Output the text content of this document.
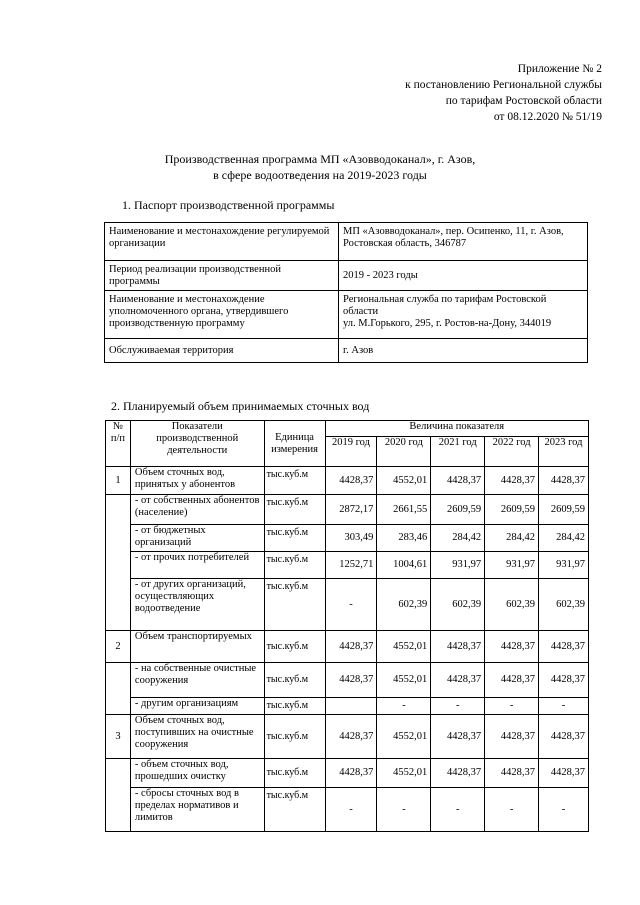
Приложение № 2
к постановлению Региональной службы
по тарифам Ростовской области
от 08.12.2020 № 51/19
Производственная программа МП «Азовводоканал», г. Азов,
в сфере водоотведения на 2019-2023 годы
1. Паспорт производственной программы
Наименование и местонахождение регулируемой организации	МП «Азовводоканал», пер. Осипенко, 11, г. Азов, Ростовская область, 346787
Период реализации производственной программы	2019 - 2023 годы
Наименование и местонахождение уполномоченного органа, утвердившего производственную программу	Региональная служба по тарифам Ростовской области
ул. М.Горького, 295, г. Ростов-на-Дону, 344019

Обслуживаемая территория	г. Азов
2. Планируемый объем принимаемых сточных вод
№ п/п	Показатели производственной деятельности	Единица измерения	Величина показателя				
			2019 год	2020 год	2021 год	2022 год	2023 год
1	Объем сточных вод, принятых у абонентов	тыс.куб.м	4428,37	4552,01	4428,37	4428,37	4428,37
	- от собственных абонентов (население)	тыс.куб.м	2872,17	2661,55	2609,59	2609,59	2609,59
	- от бюджетных организаций	тыс.куб.м	303,49	283,46	284,42	284,42	284,42
	- от прочих потребителей	тыс.куб.м	1252,71	1004,61	931,97	931,97	931,97
	- от других организаций, осуществляющих водоотведение	тыс.куб.м	-	602,39	602,39	602,39	602,39
2	Объем транспортируемых	тыс.куб.м	4428,37	4552,01	4428,37	4428,37	4428,37
	- на собственные очистные сооружения	тыс.куб.м	4428,37	4552,01	4428,37	4428,37	4428,37
	- другим организациям	тыс.куб.м		-	-	-	-
3	Объем сточных вод, поступивших на очистные сооружения	тыс.куб.м	4428,37	4552,01	4428,37	4428,37	4428,37
	- объем сточных вод, прошедших очистку	тыс.куб.м	4428,37	4552,01	4428,37	4428,37	4428,37
	- сбросы сточных вод в пределах нормативов и лимитов	тыс.куб.м	-	-	-	-	-
